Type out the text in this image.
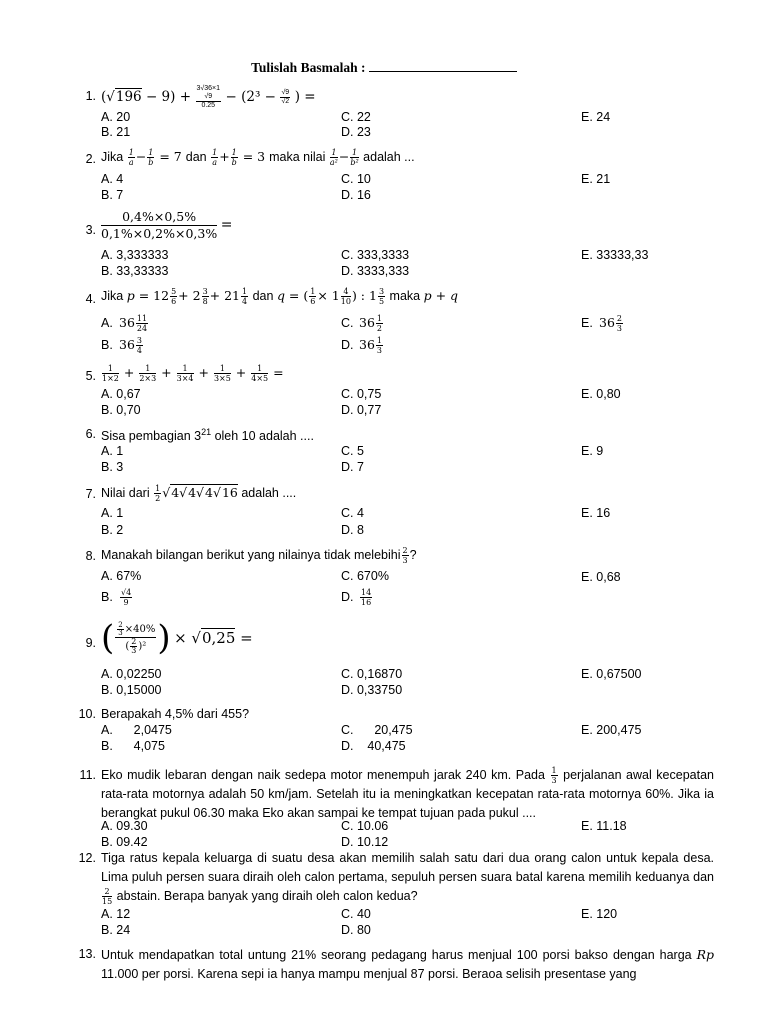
Tulislah Basmalah :
1. (√196 − 9) +
3√36×1
√9
0.25
− ($2^3 - \frac{√9}{√2}$ ) =
A. 20	C. 22	E. 24
B. 21	D. 23
2. Jika $\frac{1}{a} - \frac{1}{b} = 7$ dan $\frac{1}{a} + \frac{1}{b} = 3$ maka nilai $\frac{1}{\text{a²}} - \frac{1}{\text{b²}}$ adalah ...
A. 4	C. 10	E. 21
B. 7	D. 16
3. $\frac{0,4\%\times 0,5\%}{0,1\%\times 0,2\%\times 0,3\%}$ =
A. 3,333333	C. 333,3333	E. 33333,33
B. 33,33333	D. 3333,333
4. Jika $p = 12 \frac{5}{6} + 2 \frac{3}{8} + 21 \frac{1}{4}$ dan q = ( $\frac{1}{6} \times 1 \frac{4}{10}$ ) : $1 \frac{3}{5}$ maka p + q
A. $36 \frac{11}{24}$	C. $36 \frac{1}{2}$	E. $36 \frac{2}{3}$
B. $36 \frac{3}{4}$	D. $36 \frac{1}{3}$
5. $\frac{1}{1\times 2} + \frac{1}{2\times 3} + \frac{1}{3\times 4} + \frac{1}{3\times 5} + \frac{1}{4\times 5}$ =
A. 0,67	C. 0,75	E. 0,80
B. 0,70	D. 0,77
6. Sisa pembagian $3^{21}$ oleh 10 adalah ....
A. 1	C. 5	E. 9
B. 3	D. 7
7. Nilai dari $\frac{1}{2} √4√4√4√16$ adalah ....
A. 1	C. 4	E. 16
B. 2	D. 8
8. Manakah bilangan berikut yang nilainya tidak melebihi $\frac{2}{3}$ ?
A. 67%	C. 670%	E. 0,68
B. $\frac{√4}{9}$	D. $\frac{14}{16}$
9. ( $\frac{\frac{2}{3} \times 40\%}{( \frac{2}{3} )^2}$ ) × √0,25 =
A. 0,02250	C. 0,16870	E. 0,67500
B. 0,15000	D. 0,33750
10. Berapakah 4,5% dari 455?
A.      2,0475	C.      20,475	E. 200,475
B.      4,075	D.    40,475
11. Eko mudik lebaran dengan naik sedepa motor menempuh jarak 240 km. Pada $\frac{1}{3}$ perjalanan awal kecepatan rata-rata motornya adalah 50 km/jam. Setelah itu ia meningkatkan kecepatan rata-rata motornya 60%. Jika ia berangkat pukul 06.30 maka Eko akan sampai ke tempat tujuan pada pukul ....
A. 09.30	C. 10.06	E. 11.18
B. 09.42	D. 10.12
12. Tiga ratus kepala keluarga di suatu desa akan memilih salah satu dari dua orang calon untuk kepala desa. Lima puluh persen suara diraih oleh calon pertama, sepuluh persen suara batal karena memilih keduanya dan
$\frac{2}{15}$ abstain. Berapa banyak yang diraih oleh calon kedua?
A. 12	C. 40	E. 120
B. 24	D. 80
13. Untuk mendapatkan total untung 21% seorang pedagang harus menjual 100 porsi bakso dengan harga Rp 11.000 per porsi. Karena sepi ia hanya mampu menjual 87 porsi. Beraoa selisih presentase yang
